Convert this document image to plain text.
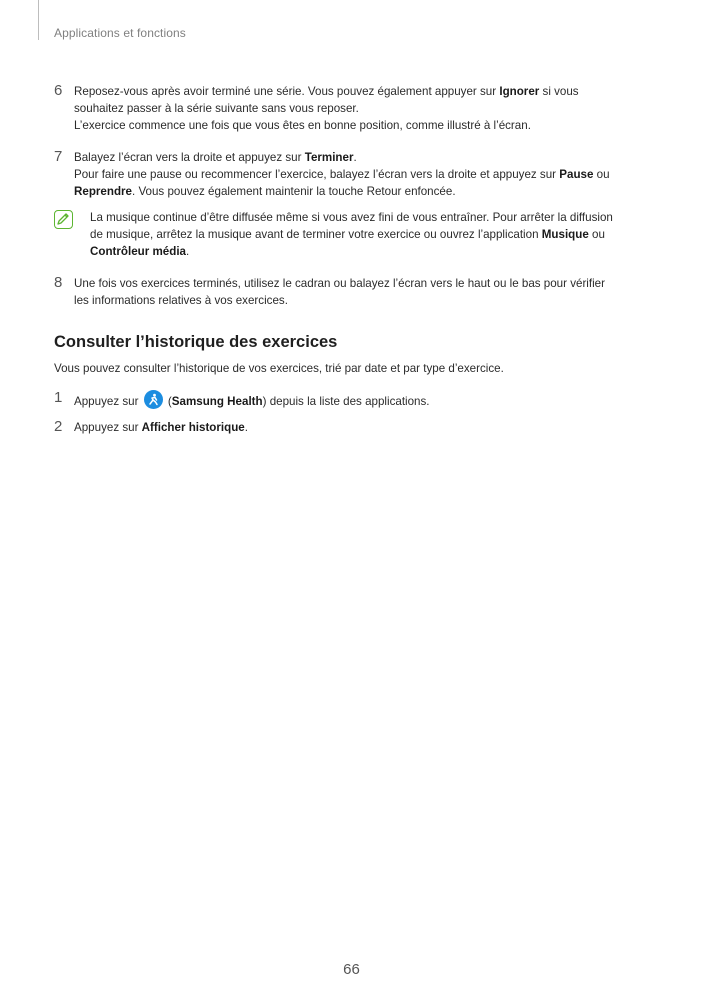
Applications et fonctions
6	Reposez-vous après avoir terminé une série. Vous pouvez également appuyer sur Ignorer si vous

souhaitez passer à la série suivante sans vous reposer.

L’exercice commence une fois que vous êtes en bonne position, comme illustré à l’écran.

7	Balayez l’écran vers la droite et appuyez sur Terminer.

Pour faire une pause ou recommencer l’exercice, balayez l’écran vers la droite et appuyez sur Pause ou

Reprendre. Vous pouvez également maintenir la touche Retour enfoncée.

La musique continue d’être diffusée même si vous avez fini de vous entraîner. Pour arrêter la diffusion

de musique, arrêtez la musique avant de terminer votre exercice ou ouvrez l’application Musique ou

Contrôleur média.

8	Une fois vos exercices terminés, utilisez le cadran ou balayez l’écran vers le haut ou le bas pour vérifier

les informations relatives à vos exercices.

Consulter l’historique des exercices
Vous pouvez consulter l’historique de vos exercices, trié par date et par type d’exercice.
1	Appuyez sur
(Samsung Health) depuis la liste des applications.

2	Appuyez sur Afficher historique.

66
